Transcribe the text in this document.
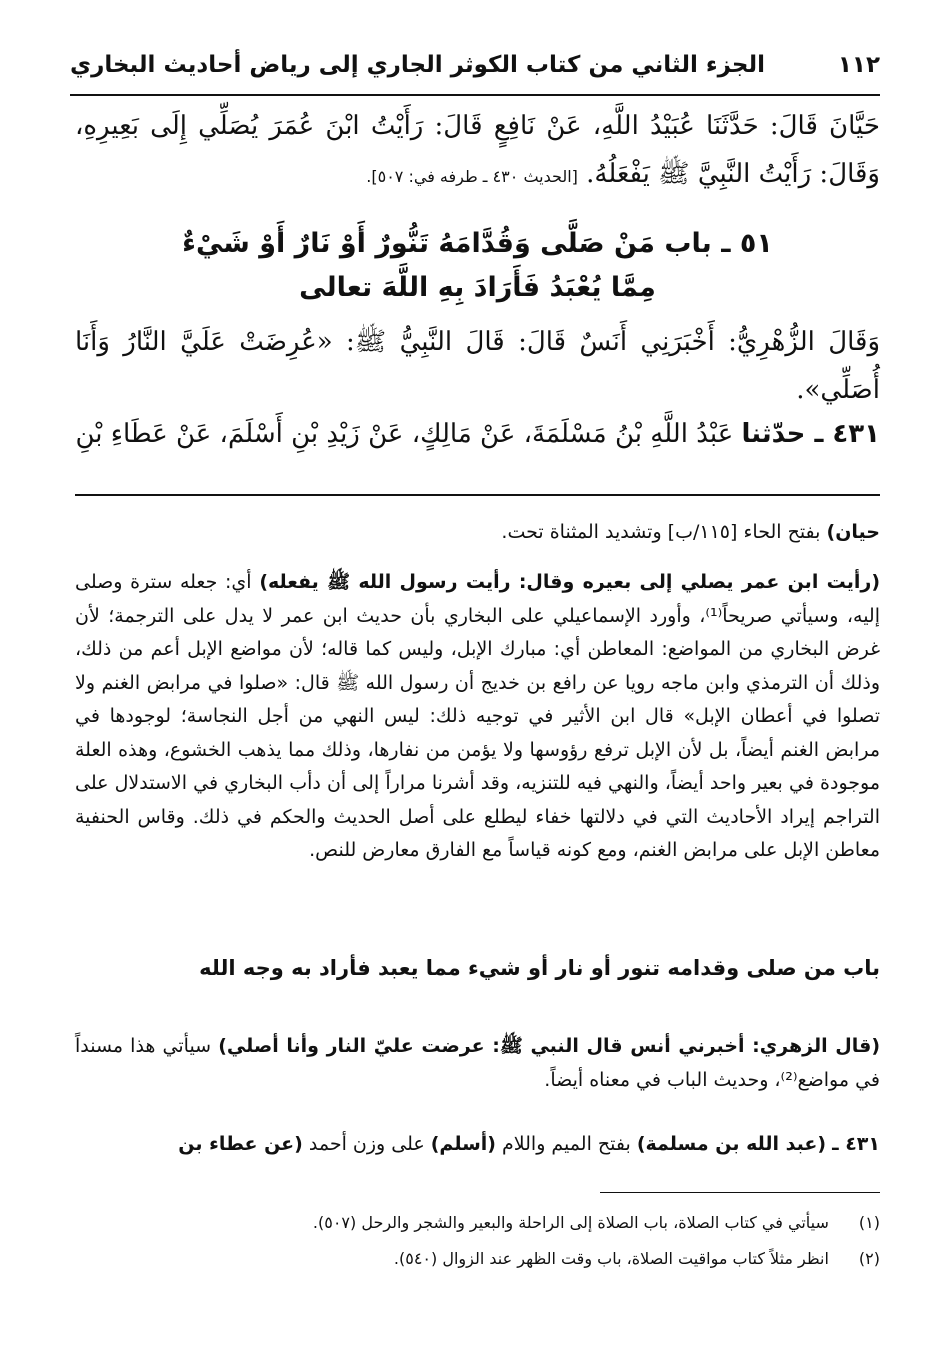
١١٢
الجزء الثاني من كتاب الكوثر الجاري إلى رياض أحاديث البخاري
حَيَّانَ قَالَ: حَدَّثَنَا عُبَيْدُ اللَّهِ، عَنْ نَافِعٍ قَالَ: رَأَيْتُ ابْنَ عُمَرَ يُصَلِّي إِلَى بَعِيرِهِ، وَقَالَ: رَأَيْتُ النَّبِيَّ ﷺ يَفْعَلُهُ. [الحديث ٤٣٠ ـ طرفه في: ٥٠٧].
٥١ ـ باب مَنْ صَلَّى وَقُدَّامَهُ تَنُّورٌ أَوْ نَارٌ أَوْ شَيْءٌ
مِمَّا يُعْبَدُ فَأَرَادَ بِهِ اللَّهَ تعالى
وَقَالَ الزُّهْرِيُّ: أَخْبَرَنِي أَنَسٌ قَالَ: قَالَ النَّبِيُّ ﷺ: «عُرِضَتْ عَلَيَّ النَّارُ وَأَنَا أُصَلِّي».
٤٣١ ـ حدّثنا عَبْدُ اللَّهِ بْنُ مَسْلَمَةَ، عَنْ مَالِكٍ، عَنْ زَيْدِ بْنِ أَسْلَمَ، عَنْ عَطَاءِ بْنِ
حيان) بفتح الحاء [١١٥/ب] وتشديد المثناة تحت.
(رأيت ابن عمر يصلي إلى بعيره وقال: رأيت رسول الله ﷺ يفعله) أي: جعله سترة وصلى إليه، وسيأتي صريحاً⁽¹⁾، وأورد الإسماعيلي على البخاري بأن حديث ابن عمر لا يدل على الترجمة؛ لأن غرض البخاري من المواضع: المعاطن أي: مبارك الإبل، وليس كما قاله؛ لأن مواضع الإبل أعم من ذلك، وذلك أن الترمذي وابن ماجه رويا عن رافع بن خديج أن رسول الله ﷺ قال: «صلوا في مرابض الغنم ولا تصلوا في أعطان الإبل» قال ابن الأثير في توجيه ذلك: ليس النهي من أجل النجاسة؛ لوجودها في مرابض الغنم أيضاً، بل لأن الإبل ترفع رؤوسها ولا يؤمن من نفارها، وذلك مما يذهب الخشوع، وهذه العلة موجودة في بعير واحد أيضاً، والنهي فيه للتنزيه، وقد أشرنا مراراً إلى أن دأب البخاري في الاستدلال على التراجم إيراد الأحاديث التي في دلالتها خفاء ليطلع على أصل الحديث والحكم في ذلك. وقاس الحنفية معاطن الإبل على مرابض الغنم، ومع كونه قياساً مع الفارق معارض للنص.
باب من صلى وقدامه تنور أو نار أو شيء مما يعبد فأراد به وجه الله
(قال الزهري: أخبرني أنس قال النبي ﷺ: عرضت عليّ النار وأنا أصلي) سيأتي هذا مسنداً في مواضع⁽²⁾، وحديث الباب في معناه أيضاً.
٤٣١ ـ (عبد الله بن مسلمة) بفتح الميم واللام (أسلم) على وزن أحمد (عن عطاء بن
(١) سيأتي في كتاب الصلاة، باب الصلاة إلى الراحلة والبعير والشجر والرحل (٥٠٧).
(٢) انظر مثلاً كتاب مواقيت الصلاة، باب وقت الظهر عند الزوال (٥٤٠).
